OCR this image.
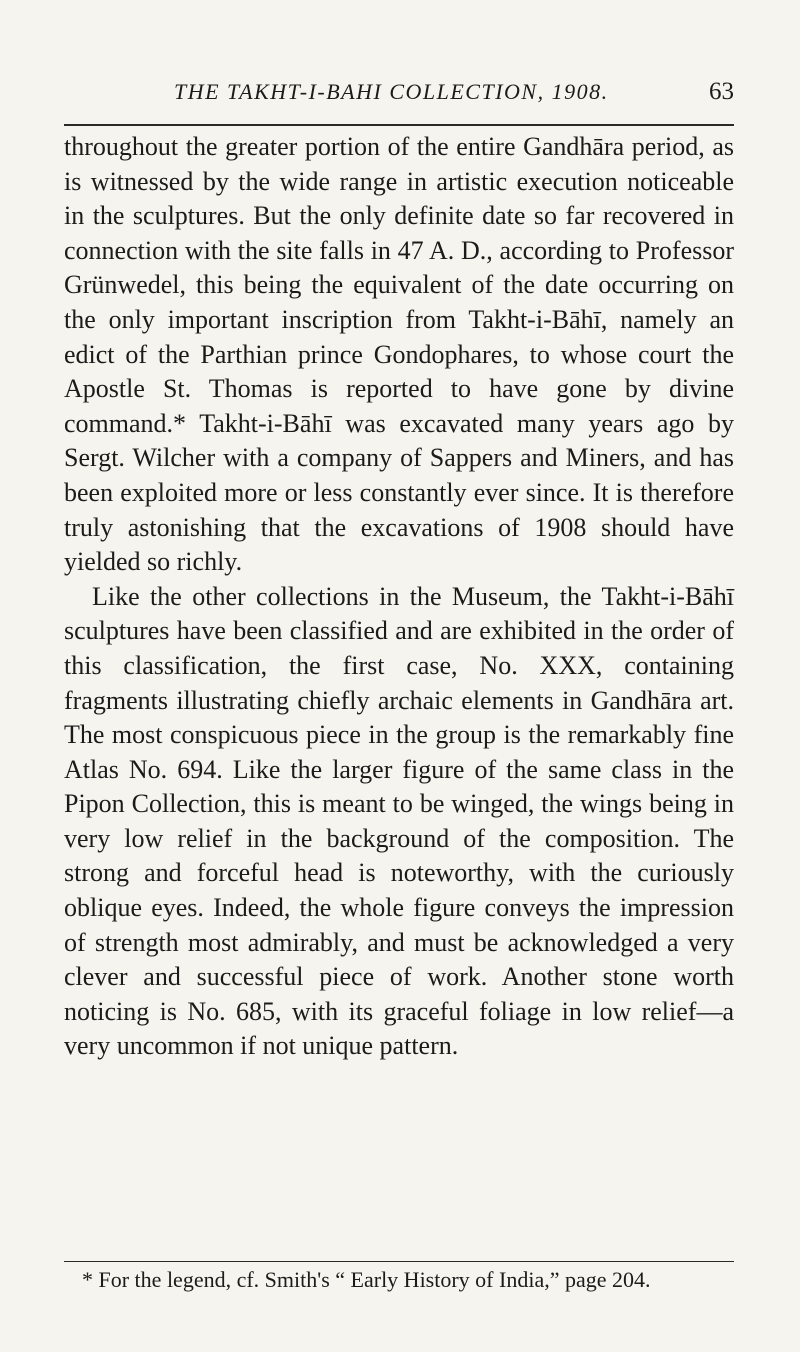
THE TAKHT-I-BAHI COLLECTION, 1908.	63

throughout the greater portion of the entire Gandhāra period, as is witnessed by the wide range in artistic execution noticeable in the sculptures. But the only definite date so far recovered in connection with the site falls in 47 A. D., according to Professor Grünwedel, this being the equivalent of the date occurring on the only important inscription from Takht-i-Bāhī, namely an edict of the Parthian prince Gondophares, to whose court the Apostle St. Thomas is reported to have gone by divine command.* Takht-i-Bāhī was excavated many years ago by Sergt. Wilcher with a company of Sappers and Miners, and has been exploited more or less constantly ever since. It is therefore truly astonishing that the excavations of 1908 should have yielded so richly.

Like the other collections in the Museum, the Takht-i-Bāhī sculptures have been classified and are exhibited in the order of this classification, the first case, No. XXX, containing fragments illustrating chiefly archaic elements in Gandhāra art. The most conspicuous piece in the group is the remarkably fine Atlas No. 694. Like the larger figure of the same class in the Pipon Collection, this is meant to be winged, the wings being in very low relief in the background of the composition. The strong and forceful head is noteworthy, with the curiously oblique eyes. Indeed, the whole figure conveys the impression of strength most admirably, and must be acknowledged a very clever and successful piece of work. Another stone worth noticing is No. 685, with its graceful foliage in low relief—a very uncommon if not unique pattern.

* For the legend, cf. Smith's “ Early History of India,” page 204.
